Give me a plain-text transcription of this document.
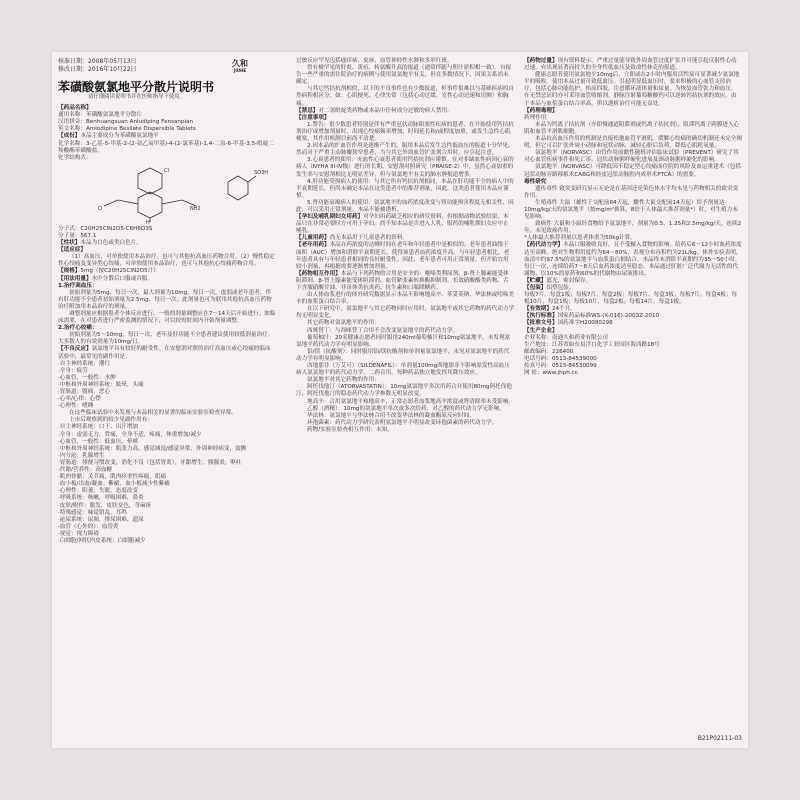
核准日期：2008年05月13日
修改日期：2016年10月22日
苯磺酸氨氯地平分散片说明书
请仔细阅读说明书并在医师指导下使用。
【药品名称】
通用名称：苯磺酸氨氯地平分散片
汉语拼音：Benhuangsuan Anludiping Fensanpian
英文名称：Amlodipine Besilate Dispersible Tablets
【成份】本品主要成分为苯磺酸氨氯地平
化学名称：3-乙基-5-甲基-2-(2-氨乙氧甲基)-4-(2-氯苯基)-1,4-二氢-6-甲基-3,5-吡啶二羧酸酯苯磺酸盐。
化学结构式：
Cl
O	NH2
SO3H
H
分子式：C20H25ClN2O5·C6H6O3S
分子量：567.1
【性状】本品为白色或类白色片。
【适应症】
（1）高血压，可单独使用本品治疗，也可与其他抗高血压药物合用。（2）慢性稳定性心绞痛及变异型心绞痛，可单独使用本品治疗，也可与其他抗心绞痛药物合用。
【规格】5mg（按C20H25ClN2O5计）
【用法用量】水中分散后口服或吞服。
1.治疗高血压：
初始剂量为5mg，每日一次，最大剂量为10mg，每日一次。虚弱或老年患者，伴有肝功能不全患者初始剂量为2.5mg，每日一次；此剂量也可为联用其他抗高血压药物治疗附加用本品治疗的剂量。
调整剂量应根据患者个体反应进行，一般的剂量调整应在7～14天后开始进行。如临床需要，在对患者进行严密监测的情况下，可以较短时间内开始剂量调整。
2.治疗心绞痛：
初始剂量为5～10mg，每日一次。老年及肝功能不全患者建议使用较低剂量治疗。大多数人的有效剂量为10mg/日。
【不良反应】氨氯地平具有较好的耐受性。在安慰剂对照的治疗高血压或心绞痛的临床试验中，最常见的副作用是：
·自主神经系统：潮红
·全身：疲劳
·心血管，一般性：水肿
·中枢和外周神经系统：眩晕，头痛
·胃肠道：腹痛，恶心
·心率/心律：心悸
·心理性：嗜睡
在这些临床试验中未发现与本品相关的显著的临床实验室检查异常。
上市后观察到的较少见副作用有：
·自主神经系统：口干、出汗增加
·全身：虚弱无力，背痛，全身不适，疼痛，体重增加/减少
·心血管，一般性：低血压，晕厥
·中枢和外周神经系统：肌张力高，感觉减退/感觉异常，外周神经病变，震颤
·内分泌：乳腺增生
·胃肠道：排便习惯改变，消化不良（包括胃炎），牙龈增生，胰腺炎，呕吐
·代谢/营养性：高血糖
·肌肉骨骼：关节痛，肌肉痉挛性疼痛，肌痛
·血小板/出血/凝血：紫癜，血小板减少性紫癜
·心理性：阳萎，失眠，态度改变
·呼吸系统：咳嗽，呼吸困难，鼻炎
·皮肤/附件：脱发，皮肤变色，荨麻疹
·特殊感觉：味觉错乱，耳鸣
·泌尿系统：尿频，排尿困难，遗尿
·血管（心外的）：血管炎
·视觉：视力障碍
·白细胞/网状内皮系统：白细胞减少
久和
JIUHE
过敏反应罕见包括瘙痒疹、皮疹、血管神经性水肿和多形红斑。
曾有极罕见的肝炎、黄疸、转氨酶升高的报道（通常伴随与胆汁淤积相一致）。有报告一些严重的需住院治疗的病例与使用氨氯地平有关。但在多数情况下，因果关系尚未确定。
与其它钙拮抗剂相似，以下的不良事件也有少数报道，但事件很难以与基础疾病的自然病程相区分，如：心肌梗死、心律失常（包括心动过缓、室性心动过速和房颤）和胸痛。
【禁忌】对二氢吡啶类药物或本品中任何成分过敏的病人禁用。
【注意事项】
1.警告：很少数患者特别是伴有严重冠状动脉阻塞性疾病的患者，在开始使用钙拮抗剂治疗或增加剂量时，出现心绞痛频率增加，时间延长和/或程度加重，或发生急性心肌梗塞，其作用机制目前尚不清楚。
2.因本品的扩血管作用是逐渐产生的，服用本品后发生急性低血压的报道十分罕见。然而对于严重主动脉瓣狭窄患者，当与其它外周血管扩张剂合用时，应引起注意。
3.心衰患者的使用：充血性心衰患者使用钙拮抗剂应谨慎。在对非缺血性病因心衰的病人（NYHA III-IV级）进行的长期、安慰剂对照研究（PRAISE-2）中，虽然心衰加重的发生率与安慰剂相比无明显差异，但与氨氯地平有关的肺水肿报道增多。
4.肝功能受损病人的使用：与其它所有钙拮抗剂相同，本品在肝功能不全的病人中的半衰期延长，但尚未确定本品在这类患者中的推荐剂量，因此，这类患者使用本品应谨慎。
5.肾功能衰竭病人的使用：氨氯地平的血药浓度改变与肾功能损害程度无相关性，因此，可以采用正常剂量。本品不能被透析。
【孕妇及哺乳期妇女用药】对孕妇用药缺乏相应的研究资料，但根据动物试验结果，本品只在非常必要时方可用于孕妇。尚不知本品是否进入人乳，服药的哺乳期妇女应中止哺乳。
【儿童用药】尚无本品用于儿童患者的资料。
【老年用药】本品在药浓度的达峰时间在老年和年轻患者中是相似的。老年患者曲线下面积（AUC）增加和消除半衰期延长，使得该患者血药浓度升高。与年轻患者相比，老年患者具有与年轻患者相同的良好耐受性。因此，老年患者可用正常剂量。但开始宜用较小剂量，再根据需要逐渐增加剂量。
【药物相互作用】本品与下列药物的合用是安全的：噻嗪类利尿剂、β-肾上腺素能受体阻滞剂、β-肾上腺素能受体阻滞剂、血管紧张素转换酶抑制剂、长效硝酸酯类药物、舌下含服硝酸甘油、非甾体类抗炎药、抗生素和口服降糖药。
由人体血浆进行的体外研究数据显示本品不影响地高辛、苯妥英钠、华法林或吲哚美辛的血浆蛋白结合率。
在以下研究中，氨氯地平与其它药物同时应用时，氨氯地平或其它药物的药代动力学均无明显变化。
其它药物对氨氯地平的作用：
西咪替丁：与西咪替丁合用不会改变氨氯地平的药代动力学。
葡萄柚汁：20名健康志愿者同时服用240ml葡萄柚汁和10mg氨氯地平，未发现氨氯地平药代动力学有明显影响。
铝/镁（抗酸剂）：同时服用铝/镁抗酸剂和单剂量氨氯地平，未见对氨氯地平的药代动力学有明显影响。
西地那非（万艾可）（SILDENAFIL）：单剂量100mg西地那非不影响原发性高血压病人氨氯地平的药代动力学。二药合用，每种药品独立地发挥其降压效应。
氨氯地平对其它药物的作用：
阿托伐他汀（ATORVASTATIN）：10mg氨氯地平多次用药合并使用80mg阿托伐他汀，阿托伐他汀的稳态药代动力学参数无明显改变。
地高辛：合用氨氯地平和地高辛，正常志愿者血浆地高辛浓度或肾清除率未受影响。
乙醇（酒精）：10mg的氨氯地平单次或多次给药，对乙醇的药代动力学无影响。
华法林：氨氯地平与华法林合用不改变华法林的凝血酶原反应时间。
环孢菌素：药代动力学研究表明氨氯地平不明显改变环孢菌素的药代动力学。
药物/实验室检查相互作用：未知。
【药物过量】现有资料提示，严重过量能导致外周血管过度扩张并可能引起反射性心动过速。有出现显著而持久的全身性低血压及致命性休克的报道。
健康志愿者使用氨氯地平10mg后，立即或在2小时内服用活性炭可显著减少氨氯地平的吸收。使用本品过量可致低血压。引起明显低血压时，要求积极的心血管支持治疗，包括心肺功能监护，抬高四肢，注意循环液体量和尿量。为恢复血管张力和血压，在无禁忌证时亦可采用血管收缩剂。静脉注射葡萄糖酸钙可以逆转钙拮抗剂的效应。由于本品与血浆蛋白结合率高，所以透析治疗可能无益处。
【药理毒理】
药理作用
本品为钙离子拮抗剂（亦即慢通道阻滞剂或钙离子拮抗剂），阻滞钙离子跨膜进入心肌和血管平滑肌细胞。
本品抗高血压作用的机制是直接松弛血管平滑肌。缓解心绞痛的确切机制还未完全阐明，但它可以扩张外周小动脉和冠状动脉，减轻心脏后负荷，降低心肌耗氧量。
氨氯地平（NORVASC）由管作用前瞻性随机评估临床试验（PREVENT）研究了其对心血管疾病事件和死亡率。冠状动脉粥样硬化进展及颈动脉粥样硬化的影响。
氨氯地平（NORVASC）可降低因不稳定型心绞痛而住院的风险及血运重建术（包括冠状动脉旁路移植术CABG和经皮冠状动脉腔内成形术PTCA）的需要。
毒性研究
遗传毒性 致突变研究显示无论是在基因还是染色体水平均未见与药物相关的致突变作用。
生殖毒性 大鼠（雄性于交配前64天起，雌性大鼠交配前14天起）给予剂量达10mg/kg/天的氨氯地平（按mg/m²换算，8倍于人体最大推荐剂量*）时，对生殖力未见影响。
致癌性 大鼠和小鼠经食物给予氨氯地平，剂量为0.5、1.25和2.5mg/kg/天，连续2年，未见致癌作用。
*人体最大推荐剂量以患者体重为50kg计算。
【药代动力学】本品口服吸收良好，且不受摄入食物的影响。给药后6～12小时血药浓度达至高峰。绝对生物利用度约为64～80%，表观分布容积约为21L/kg。体外实验表明，血清中约97.5%的氨氯地平与血浆蛋白相结合。本品终末消除半衰期约为35～50小时，每日一次，连续给药7～8天后血药浓度达至稳态。本品通过肝脏广泛代谢为无活性的代谢物，以10%的原药和60%的代谢物由尿液排出。
【贮藏】遮光，密封保存。
【包装】铝塑包装。
每板7片，每盒1板；每板7片，每盒2板；每板7片，每盒3板；每板7片，每盒4板；每板10片，每盒1板；每板10片，每盒2板；每板14片，每盒1板。
【有效期】24个月。
【执行标准】国家药品标准WS-(X-016)-2003Z-2010
【批准文号】国药准字H20080298
【生产企业】
企业名称：南通久和药业有限公司
生产地址：江苏省如东县洋口化学工业园区海西路18号
邮政编码：226400
电话号码：0513-84539000
传真号码：0513-84530099
网 址：www.jhph.cc
B21P02111-03
